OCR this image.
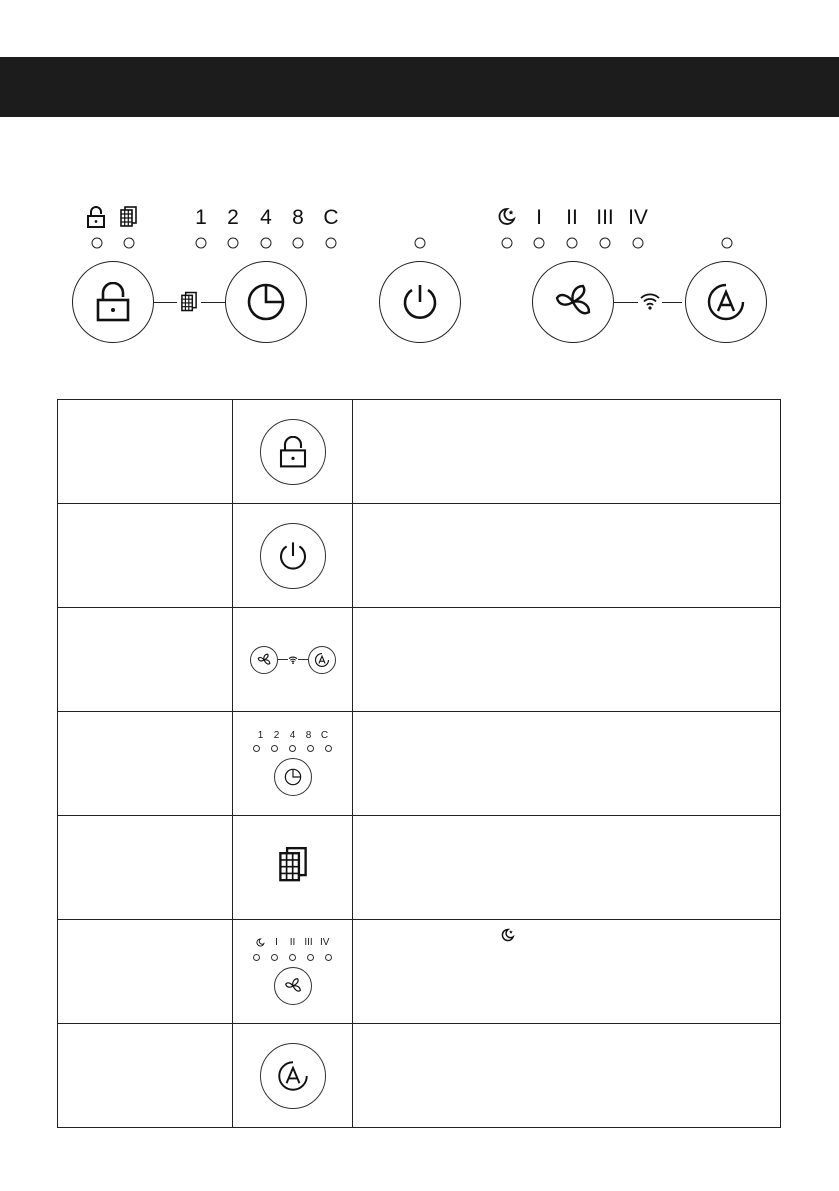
1 2 4 8 C	I II III IV

	1 2 4 8 C	

	I II III IV	
